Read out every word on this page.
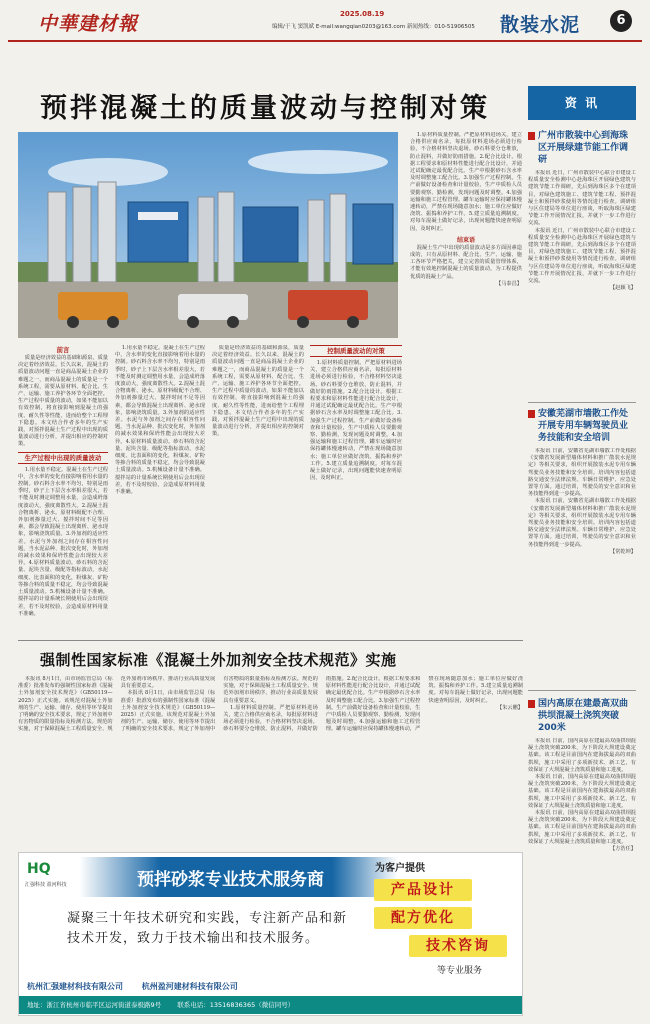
中華建材報	2025.08.19
编辑/于飞 窦凯斌 E-mail:wangqian0203@163.com 新闻热线：010-51906505 散装水泥	6
预拌混凝土的质量波动与控制对策

1.原材料质量控制。严把原材料进场关，建立合格供应商名录，每批原材料进场必须进行检验，不合格材料坚决退场。砂石料要分仓堆放，防止混料，并做好防雨措施。2.配合比设计。根据工程要求和原材料性能进行配合比设计，并通过试配确定最优配合比。生产中根据砂石含水率及时调整施工配合比。3.加强生产过程控制。生产前做好设备检查和计量校验，生产中质检人员要勤观察、勤检测，发现问题及时调整。4.加强运输和施工过程管理。罐车运输时应保持罐体慢速转动，严禁在现场随意加水；施工单位应做好浇筑、振捣和养护工作。5.建立质量追溯制度。对每车混凝土做好记录，出现问题能快速查明原因，及时纠正。

结束语

混凝土生产中出现的质量波动是多方面因素造成的，只有从原材料、配合比、生产、运输、施工各环节严格把关，建立完善的质量管理体系，才能有效地控制混凝土的质量波动，为工程提供优质的混凝土产品。

【马泰昌】
前言

质量是经济效益的基础和源泉，质量决定着经济效益。长久以来，混凝土的质量波动问题一直是商品混凝土企业的难题之一，而商品混凝土的质量是一个系统工程，需要从原材料、配合比、生产、运输、施工养护各环节全面把控。生产过程中质量的波动，如果不能加以有效控制，将直接影响到混凝土的强度、耐久性等性能，进而给整个工程埋下隐患。本文结合作者多年的生产实践，对预拌混凝土生产过程中出现的质量波动进行分析，并提出相应的控制对策。

生产过程中出现的质量波动

1.用水量不稳定。混凝土在生产过程中，含水率的变化直接影响着用水量的控制。砂石料含水率不均匀，特别是雨季时，砂子上下层含水率相差很大，若不能及时测定调整用水量，会造成坍落度波动大，强度离散性大。2.混凝土混合物离析、泌水。原材料级配不合理、外加剂掺量过大、搅拌时间不足等因素，都会导致混凝土出现离析、泌水现象，影响浇筑质量。3.外加剂的适应性差。水泥与外加剂之间存在相容性问题，当水泥品种、批次变化时，外加剂的减水效果和保坍性能会出现较大差异。4.原材料质量波动。砂石料的含泥量、泥块含量、级配等指标波动，水泥细度、比表面积的变化，粉煤灰、矿粉等掺合料的质量不稳定，均会导致混凝土质量波动。5.机械设备计量不准确。搅拌站的计量系统长期使用后会出现误差，若不及时校验，会造成原材料用量不准确。

1.用水量不稳定。混凝土在生产过程中，含水率的变化直接影响着用水量的控制。砂石料含水率不均匀，特别是雨季时，砂子上下层含水率相差很大，若不能及时测定调整用水量，会造成坍落度波动大，强度离散性大。2.混凝土混合物离析、泌水。原材料级配不合理、外加剂掺量过大、搅拌时间不足等因素，都会导致混凝土出现离析、泌水现象，影响浇筑质量。3.外加剂的适应性差。水泥与外加剂之间存在相容性问题，当水泥品种、批次变化时，外加剂的减水效果和保坍性能会出现较大差异。4.原材料质量波动。砂石料的含泥量、泥块含量、级配等指标波动，水泥细度、比表面积的变化，粉煤灰、矿粉等掺合料的质量不稳定，均会导致混凝土质量波动。5.机械设备计量不准确。搅拌站的计量系统长期使用后会出现误差，若不及时校验，会造成原材料用量不准确。

质量是经济效益的基础和源泉，质量决定着经济效益。长久以来，混凝土的质量波动问题一直是商品混凝土企业的难题之一，而商品混凝土的质量是一个系统工程，需要从原材料、配合比、生产、运输、施工养护各环节全面把控。生产过程中质量的波动，如果不能加以有效控制，将直接影响到混凝土的强度、耐久性等性能，进而给整个工程埋下隐患。本文结合作者多年的生产实践，对预拌混凝土生产过程中出现的质量波动进行分析，并提出相应的控制对策。

控制质量波动的对策

1.原材料质量控制。严把原材料进场关，建立合格供应商名录，每批原材料进场必须进行检验，不合格材料坚决退场。砂石料要分仓堆放，防止混料，并做好防雨措施。2.配合比设计。根据工程要求和原材料性能进行配合比设计，并通过试配确定最优配合比。生产中根据砂石含水率及时调整施工配合比。3.加强生产过程控制。生产前做好设备检查和计量校验，生产中质检人员要勤观察、勤检测，发现问题及时调整。4.加强运输和施工过程管理。罐车运输时应保持罐体慢速转动，严禁在现场随意加水；施工单位应做好浇筑、振捣和养护工作。5.建立质量追溯制度。对每车混凝土做好记录，出现问题能快速查明原因，及时纠正。

强制性国家标准《混凝土外加剂安全技术规范》实施

本报讯 8月1日，由市场监管总局（标准委）批准发布的强制性国家标准《混凝土外加剂安全技术规范》（GB50119—2025）正式实施。该规范对混凝土外加剂的生产、运输、储存、使用等环节提出了明确的安全技术要求，规定了外加剂中有害物质的限量指标及检测方法。规范的实施，对于保障混凝土工程质量安全、规范外加剂市场秩序、推动行业高质量发展具有重要意义。

本报讯 8月1日，由市场监管总局（标准委）批准发布的强制性国家标准《混凝土外加剂安全技术规范》（GB50119—2025）正式实施。该规范对混凝土外加剂的生产、运输、储存、使用等环节提出了明确的安全技术要求，规定了外加剂中有害物质的限量指标及检测方法。规范的实施，对于保障混凝土工程质量安全、规范外加剂市场秩序、推动行业高质量发展具有重要意义。

1.原材料质量控制。严把原材料进场关，建立合格供应商名录，每批原材料进场必须进行检验，不合格材料坚决退场。砂石料要分仓堆放，防止混料，并做好防雨措施。2.配合比设计。根据工程要求和原材料性能进行配合比设计，并通过试配确定最优配合比。生产中根据砂石含水率及时调整施工配合比。3.加强生产过程控制。生产前做好设备检查和计量校验，生产中质检人员要勤观察、勤检测，发现问题及时调整。4.加强运输和施工过程管理。罐车运输时应保持罐体慢速转动，严禁在现场随意加水；施工单位应做好浇筑、振捣和养护工作。5.建立质量追溯制度。对每车混凝土做好记录，出现问题能快速查明原因，及时纠正。

【朱云鹏】
HQ
汇强科技 盈河科技	预拌砂浆专业技术服务商
为客户提供
凝聚三十年技术研究和实践，专注新产品和新技术开发，致力于技术输出和技术服务。
产品设计
配方优化
技术咨询
等专业服务
杭州汇强建材科技有限公司 杭州盈河建材科技有限公司
地址：浙江省杭州市临平区运河街道泰极路9号 联系电话：13516836365（微信同号）
资 讯
广州市散装中心到海珠区开展绿建节能工作调研

本报讯 近日，广州市散装中心联合市建设工程质量安全检测中心赴海珠区开展绿色建筑与建筑节能工作调研，先后到海珠区多个在建项目，对绿色建筑施工、建筑节能工程、预拌混凝土和预拌砂浆使用等情况进行检查。调研组与区住建局等单位进行座谈，听取海珠区绿建节能工作开展情况汇报，并就下一步工作进行交流。

本报讯 近日，广州市散装中心联合市建设工程质量安全检测中心赴海珠区开展绿色建筑与建筑节能工作调研，先后到海珠区多个在建项目，对绿色建筑施工、建筑节能工程、预拌混凝土和预拌砂浆使用等情况进行检查。调研组与区住建局等单位进行座谈，听取海珠区绿建节能工作开展情况汇报，并就下一步工作进行交流。

【赵颖飞】
安徽芜湖市墙散工作处开展专用车辆驾驶员业务技能和安全培训

本报讯 日前，安徽省芜湖市墙散工作处根据《安徽省发展新型墙体材料和推广散装水泥规定》等相关要求，组织开展散装水泥专用车辆驾驶员业务技能和安全培训。培训内容包括道路交通安全法律法规、车辆日常维护、应急处置等方面。通过培训，驾驶员的安全意识和业务技能得到进一步提高。

本报讯 日前，安徽省芜湖市墙散工作处根据《安徽省发展新型墙体材料和推广散装水泥规定》等相关要求，组织开展散装水泥专用车辆驾驶员业务技能和安全培训。培训内容包括道路交通安全法律法规、车辆日常维护、应急处置等方面。通过培训，驾驶员的安全意识和业务技能得到进一步提高。

【常乾坤】
国内高原在建最高双曲拱坝混凝土浇筑突破200米

本报讯 日前，国内高原在建最高双曲拱坝混凝土浇筑突破200米，为下阶段大坝建设奠定基础。该工程是目前国内在建海拔最高的双曲拱坝，施工中采用了多项新技术、新工艺，有效保证了大坝混凝土浇筑质量和施工进度。

本报讯 日前，国内高原在建最高双曲拱坝混凝土浇筑突破200米，为下阶段大坝建设奠定基础。该工程是目前国内在建海拔最高的双曲拱坝，施工中采用了多项新技术、新工艺，有效保证了大坝混凝土浇筑质量和施工进度。

本报讯 日前，国内高原在建最高双曲拱坝混凝土浇筑突破200米，为下阶段大坝建设奠定基础。该工程是目前国内在建海拔最高的双曲拱坝，施工中采用了多项新技术、新工艺，有效保证了大坝混凝土浇筑质量和施工进度。

【方浩任】
